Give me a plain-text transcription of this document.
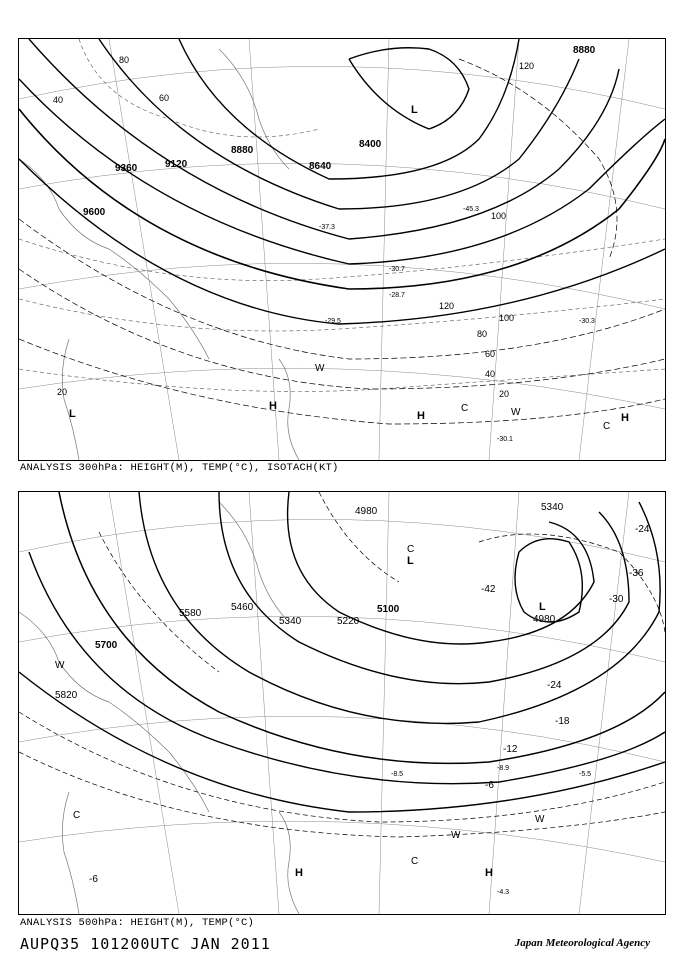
9600
9360	9120
8880
8640
8400
8880
20
40	60
80
100
120
40
60
80
100
120
20
-45.3
-37.3
-30.7
-28.7
-29.5	-30.3
-30.1
L
L
H
H	H
C
C
W
W
ANALYSIS 300hPa: HEIGHT(M), TEMP(°C), ISOTACH(KT)
5700
5820
5580
5460
5340	5220
5100
4980	5340
4980
-42
-36
-30
-24
-18
-12
-6
-24
-6
-8.9
-8.5	-5.5
-4.3
L
L
H	H
C
C
C
W
W
W
ANALYSIS 500hPa: HEIGHT(M), TEMP(°C)
AUPQ35 101200UTC JAN 2011	Japan Meteorological Agency
